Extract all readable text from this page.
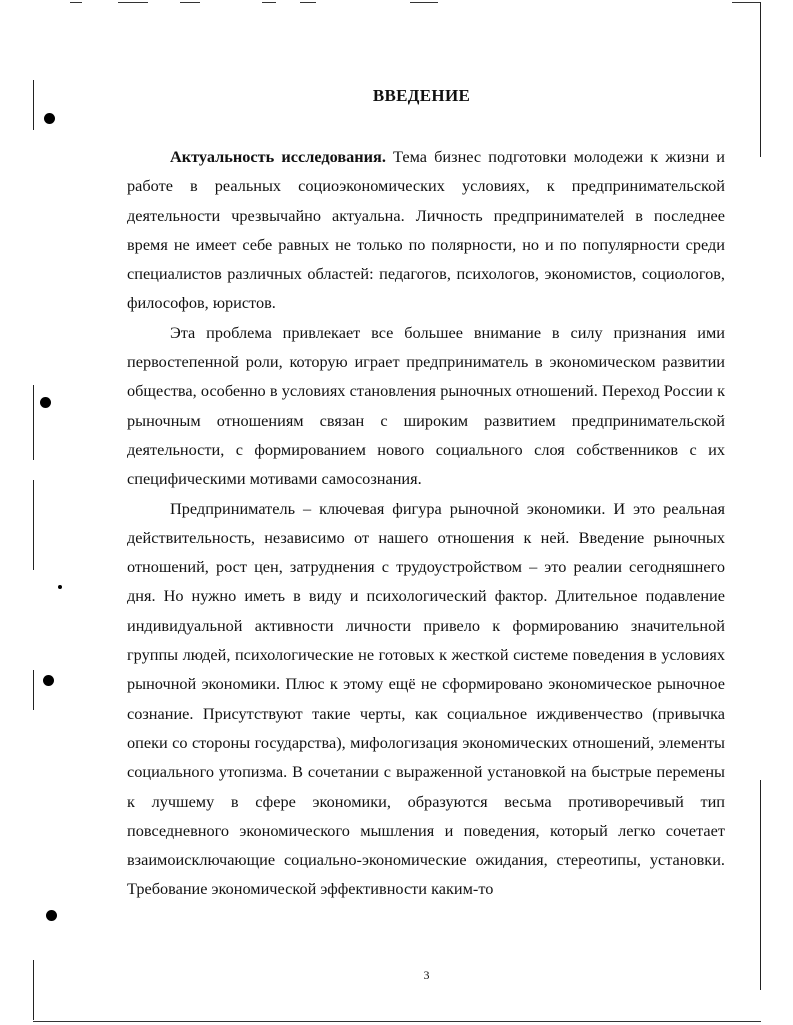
ВВЕДЕНИЕ

Актуальность исследования. Тема бизнес подготовки молодежи к жизни и работе в реальных социоэкономических условиях, к предпринимательской деятельности чрезвычайно актуальна. Личность предпринимателей в последнее время не имеет себе равных не только по полярности, но и по популярности среди специалистов различных областей: педагогов, психологов, экономистов, социологов, философов, юристов.

Эта проблема привлекает все большее внимание в силу признания ими первостепенной роли, которую играет предприниматель в экономическом развитии общества, особенно в условиях становления рыночных отношений. Переход России к рыночным отношениям связан с широким развитием предпринимательской деятельности, с формированием нового социального слоя собственников с их специфическими мотивами самосознания.

Предприниматель – ключевая фигура рыночной экономики. И это реальная действительность, независимо от нашего отношения к ней. Введение рыночных отношений, рост цен, затруднения с трудоустройством – это реалии сегодняшнего дня. Но нужно иметь в виду и психологический фактор. Длительное подавление индивидуальной активности личности привело к формированию значительной группы людей, психологические не готовых к жесткой системе поведения в условиях рыночной экономики. Плюс к этому ещё не сформировано экономическое рыночное сознание. Присутствуют такие черты, как социальное иждивенчество (привычка опеки со стороны государства), мифологизация экономических отношений, элементы социального утопизма. В сочетании с выраженной установкой на быстрые перемены к лучшему в сфере экономики, образуются весьма противоречивый тип повседневного экономического мышления и поведения, который легко сочетает взаимоисключающие социально-экономические ожидания, стереотипы, установки. Требование экономической эффективности каким-то

3
